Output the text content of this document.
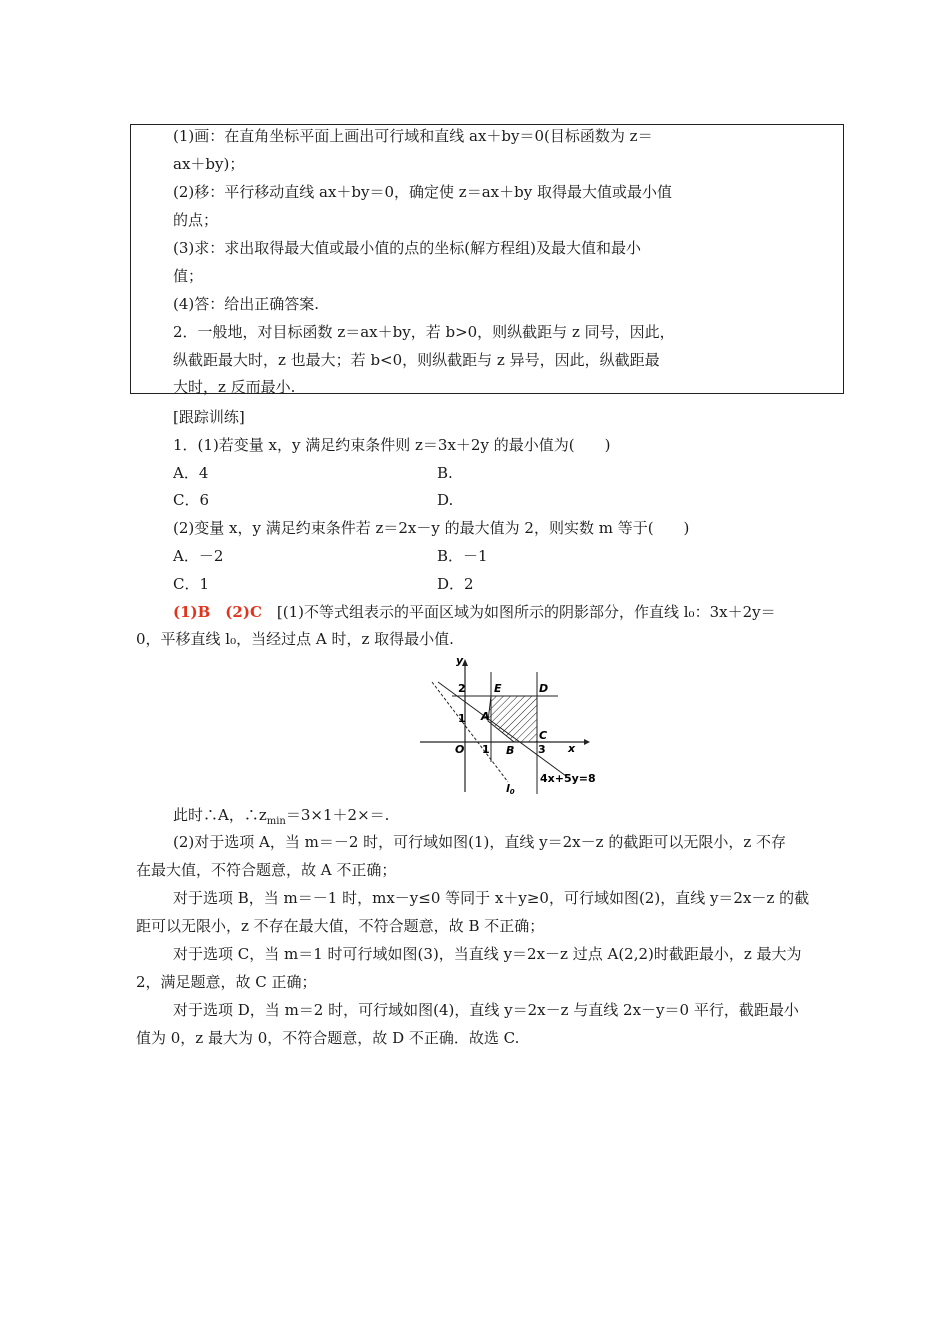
(1)画：在直角坐标平面上画出可行域和直线 ax＋by＝0(目标函数为 z＝
ax＋by)；
(2)移：平行移动直线 ax＋by＝0，确定使 z＝ax＋by 取得最大值或最小值
的点；
(3)求：求出取得最大值或最小值的点的坐标(解方程组)及最大值和最小
值；
(4)答：给出正确答案.
2．一般地，对目标函数 z＝ax＋by，若 b>0，则纵截距与 z 同号，因此，
纵截距最大时，z 也最大；若 b<0，则纵截距与 z 异号，因此，纵截距最
大时，z 反而最小.
[跟踪训练]
1．(1)若变量 x，y 满足约束条件则 z＝3x＋2y 的最小值为(　　)
A．4	B.
C．6	D.
(2)变量 x，y 满足约束条件若 z＝2x－y 的最大值为 2，则实数 m 等于(　　)
A．－2	B．－1
C．1	D．2
(1)B　(2)C　[(1)不等式组表示的平面区域为如图所示的阴影部分，作直线 l₀：3x＋2y＝
0，平移直线 l₀，当经过点 A 时，z 取得最小值.
y
x
2
1
O 1	3
E	D
A
B
C
4x+5y=8
l0
此时∴A，$\therefore z_{min}=3\times 1+2\times=$.
(2)对于选项 A，当 m＝－2 时，可行域如图(1)，直线 y＝2x－z 的截距可以无限小，z 不存
在最大值，不符合题意，故 A 不正确；
对于选项 B，当 m＝－1 时，mx－y≤0 等同于 x＋y≥0，可行域如图(2)，直线 y＝2x－z 的截
距可以无限小，z 不存在最大值，不符合题意，故 B 不正确；
对于选项 C，当 m＝1 时可行域如图(3)，当直线 y＝2x－z 过点 A(2,2)时截距最小，z 最大为
2，满足题意，故 C 正确；
对于选项 D，当 m＝2 时，可行域如图(4)，直线 y＝2x－z 与直线 2x－y＝0 平行，截距最小
值为 0，z 最大为 0，不符合题意，故 D 不正确．故选 C.
